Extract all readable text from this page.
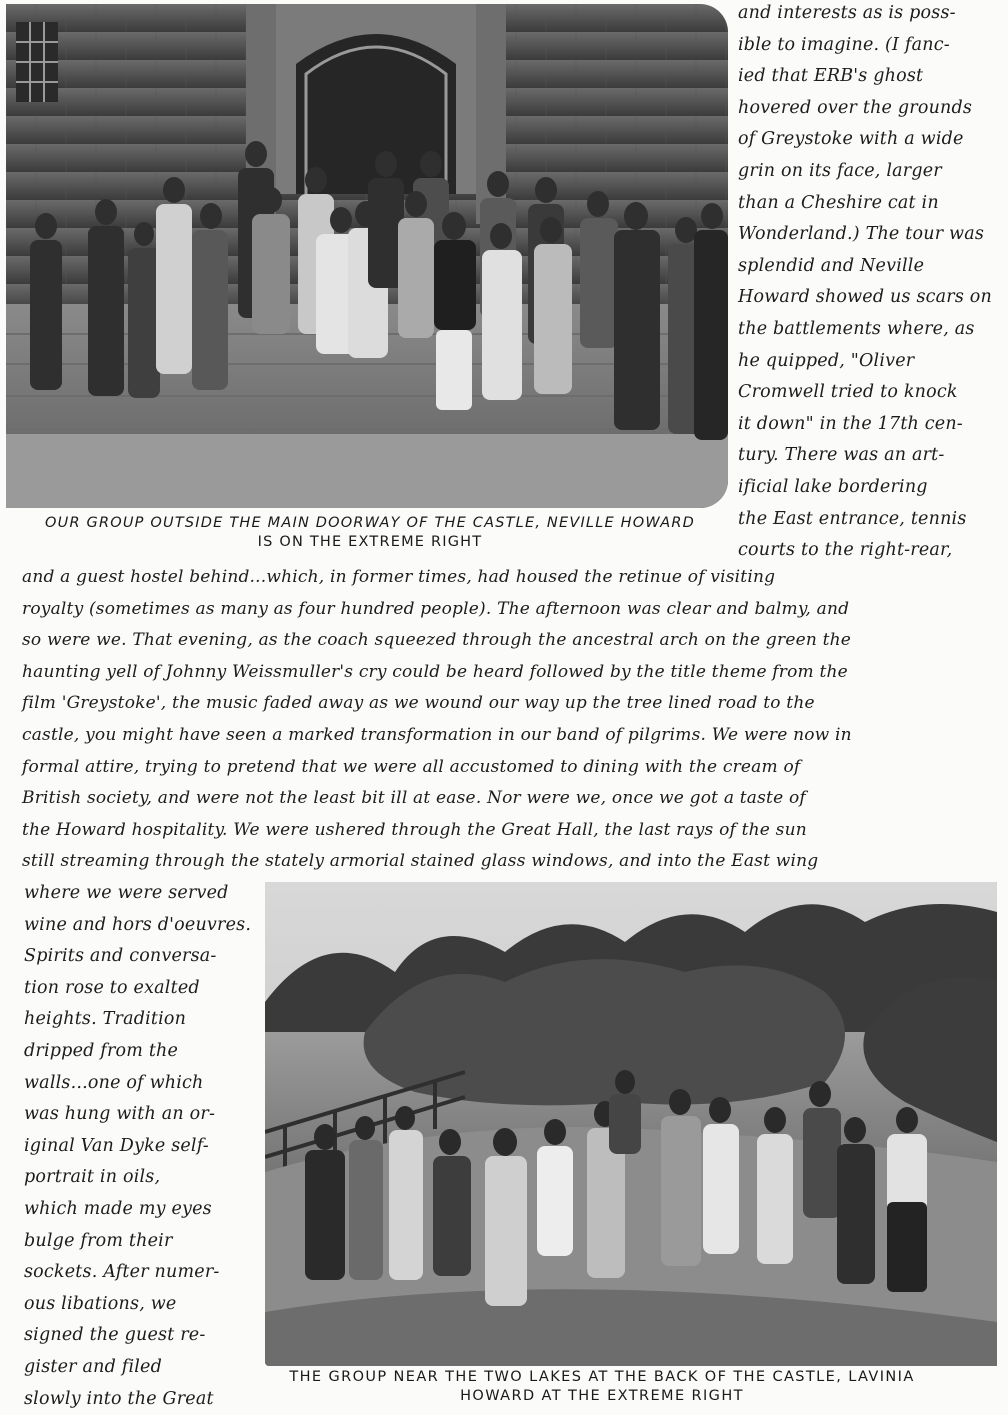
and interests as is poss-
ible to imagine. (I fanc-
ied that ERB's ghost
hovered over the grounds
of Greystoke with a wide
grin on its face, larger
than a Cheshire cat in
Wonderland.) The tour was
splendid and Neville
Howard showed us scars on
the battlements where, as
he quipped, "Oliver
Cromwell tried to knock
it down" in the 17th cen-
tury. There was an art-
ificial lake bordering
the East entrance, tennis
courts to the right-rear,
OUR GROUP OUTSIDE THE MAIN DOORWAY OF THE CASTLE, NEVILLE HOWARD
IS ON THE EXTREME RIGHT
and a guest hostel behind...which, in former times, had housed the retinue of visiting
royalty (sometimes as many as four hundred people). The afternoon was clear and balmy, and
so were we. That evening, as the coach squeezed through the ancestral arch on the green the
haunting yell of Johnny Weissmuller's cry could be heard followed by the title theme from the
film 'Greystoke', the music faded away as we wound our way up the tree lined road to the
castle, you might have seen a marked transformation in our band of pilgrims. We were now in
formal attire, trying to pretend that we were all accustomed to dining with the cream of
British society, and were not the least bit ill at ease. Nor were we, once we got a taste of
the Howard hospitality. We were ushered through the Great Hall, the last rays of the sun
still streaming through the stately armorial stained glass windows, and into the East wing
where we were served
wine and hors d'oeuvres.
Spirits and conversa-
tion rose to exalted
heights. Tradition
dripped from the
walls...one of which
was hung with an or-
iginal Van Dyke self-
portrait in oils,
which made my eyes
bulge from their
sockets. After numer-
ous libations, we
signed the guest re-
gister and filed
slowly into the Great
THE GROUP NEAR THE TWO LAKES AT THE BACK OF THE CASTLE, LAVINIA
HOWARD AT THE EXTREME RIGHT
